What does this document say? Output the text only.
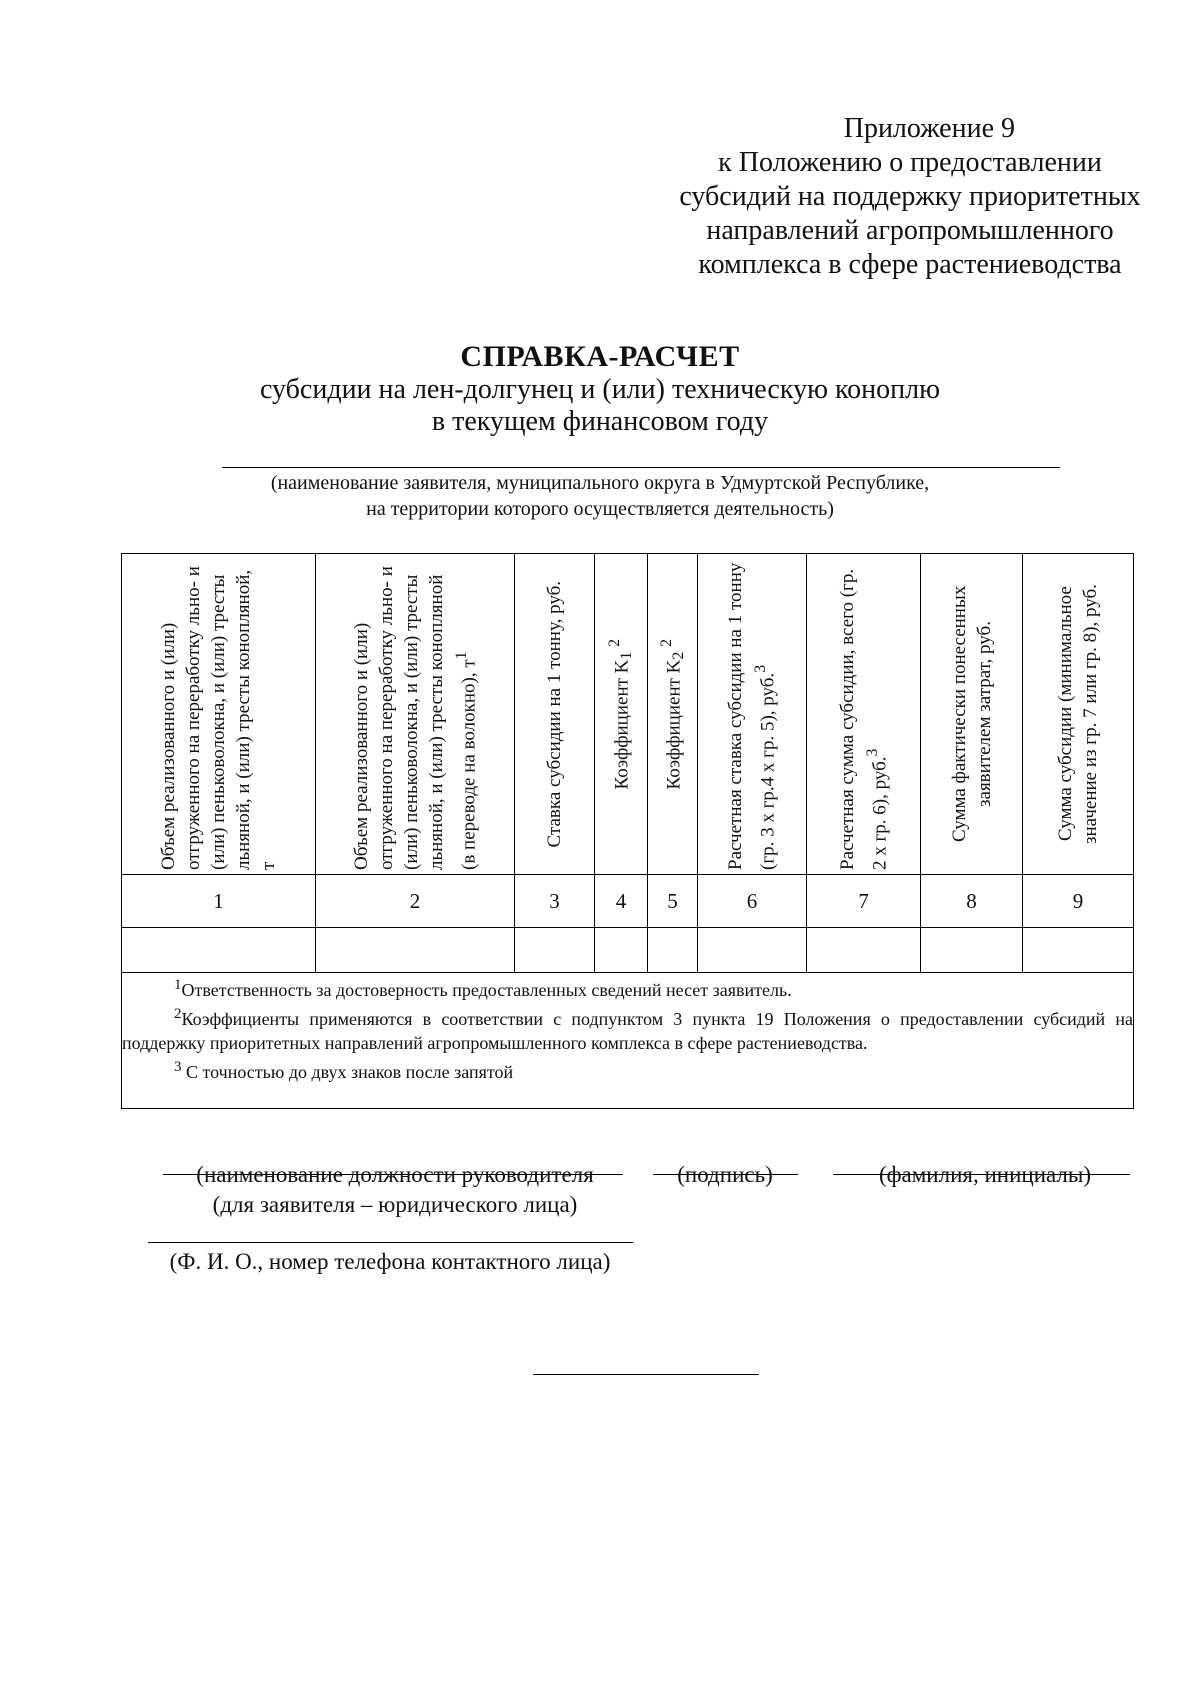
Приложение 9
к Положению о предоставлении
субсидий на поддержку приоритетных
направлений агропромышленного
комплекса в сфере растениеводства
СПРАВКА-РАСЧЕТ
субсидии на лен-долгунец и (или) техническую коноплю
в текущем финансовом году
(наименование заявителя, муниципального округа в Удмуртской Республике,
на территории которого осуществляется деятельность)
Объем реализованного и (или) отгруженного на переработку льно- и (или) пеньковолокна, и (или) тресты льняной, и (или) тресты конопляной, т	Объем реализованного и (или) отгруженного на переработку льно- и (или) пеньковолокна, и (или) тресты льняной, и (или) тресты конопляной (в переводе на волокно), $т^1$	Ставка субсидии на 1 тонну, руб.	Коэффициент $K_1$ $^2$	Коэффициент $K_2$ $^2$	Расчетная ставка субсидии на 1 тонну (гр. 3 х гр.4 х гр. 5), руб.$^3$	Расчетная сумма субсидии, всего (гр. 2 х гр. 6), руб.$^3$	Сумма фактически понесенных заявителем затрат, руб.	Сумма субсидии (минимальное значение из гр. 7 или гр. 8), руб.

1	2	3	4	5	6	7	8	9

$^1$Ответственность за достоверность предоставленных сведений несет заявитель.
$^2$Коэффициенты применяются в соответствии с подпунктом 3 пункта 19 Положения о предоставлении субсидий на поддержку приоритетных направлений агропромышленного комплекса в сфере растениеводства.
$^3$ С точностью до двух знаков после запятой								
(наименование должности руководителя
(для заявителя – юридического лица)
(подпись)	(фамилия, инициалы)
(Ф. И. О., номер телефона контактного лица)
